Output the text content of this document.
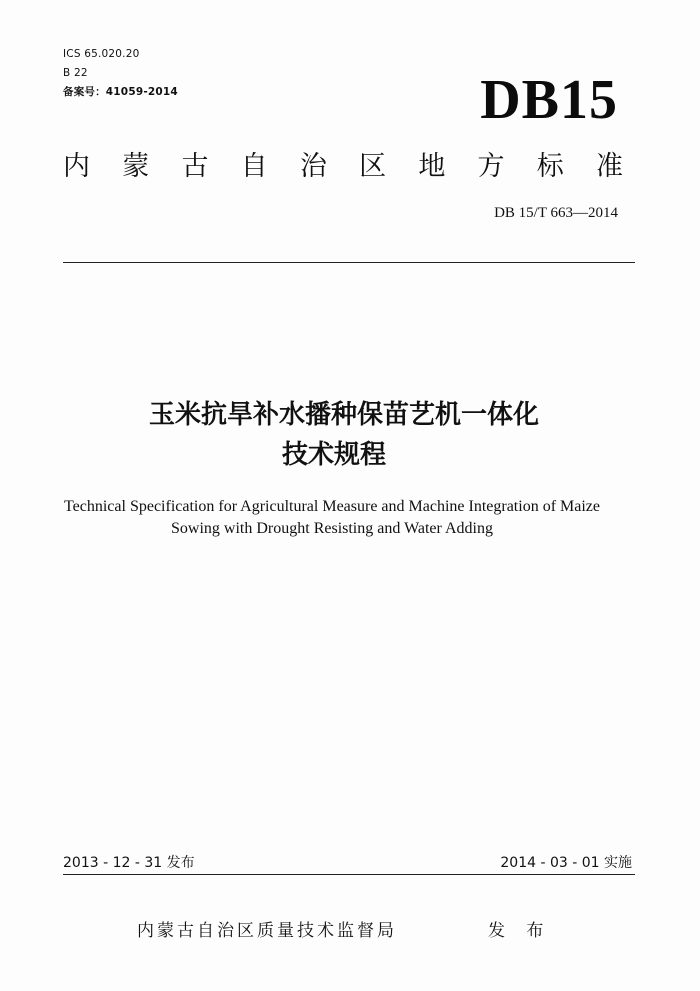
ICS 65.020.20
B 22
备案号：41059-2014	DB15
内 蒙 古 自 治 区 地 方 标 准
DB 15/T 663—2014
玉米抗旱补水播种保苗艺机一体化
技术规程
Technical Specification for Agricultural Measure and Machine Integration of Maize
Sowing with Drought Resisting and Water Adding
2013 - 12 - 31 发布	2014 - 03 - 01 实施
内蒙古自治区质量技术监督局	发 布
